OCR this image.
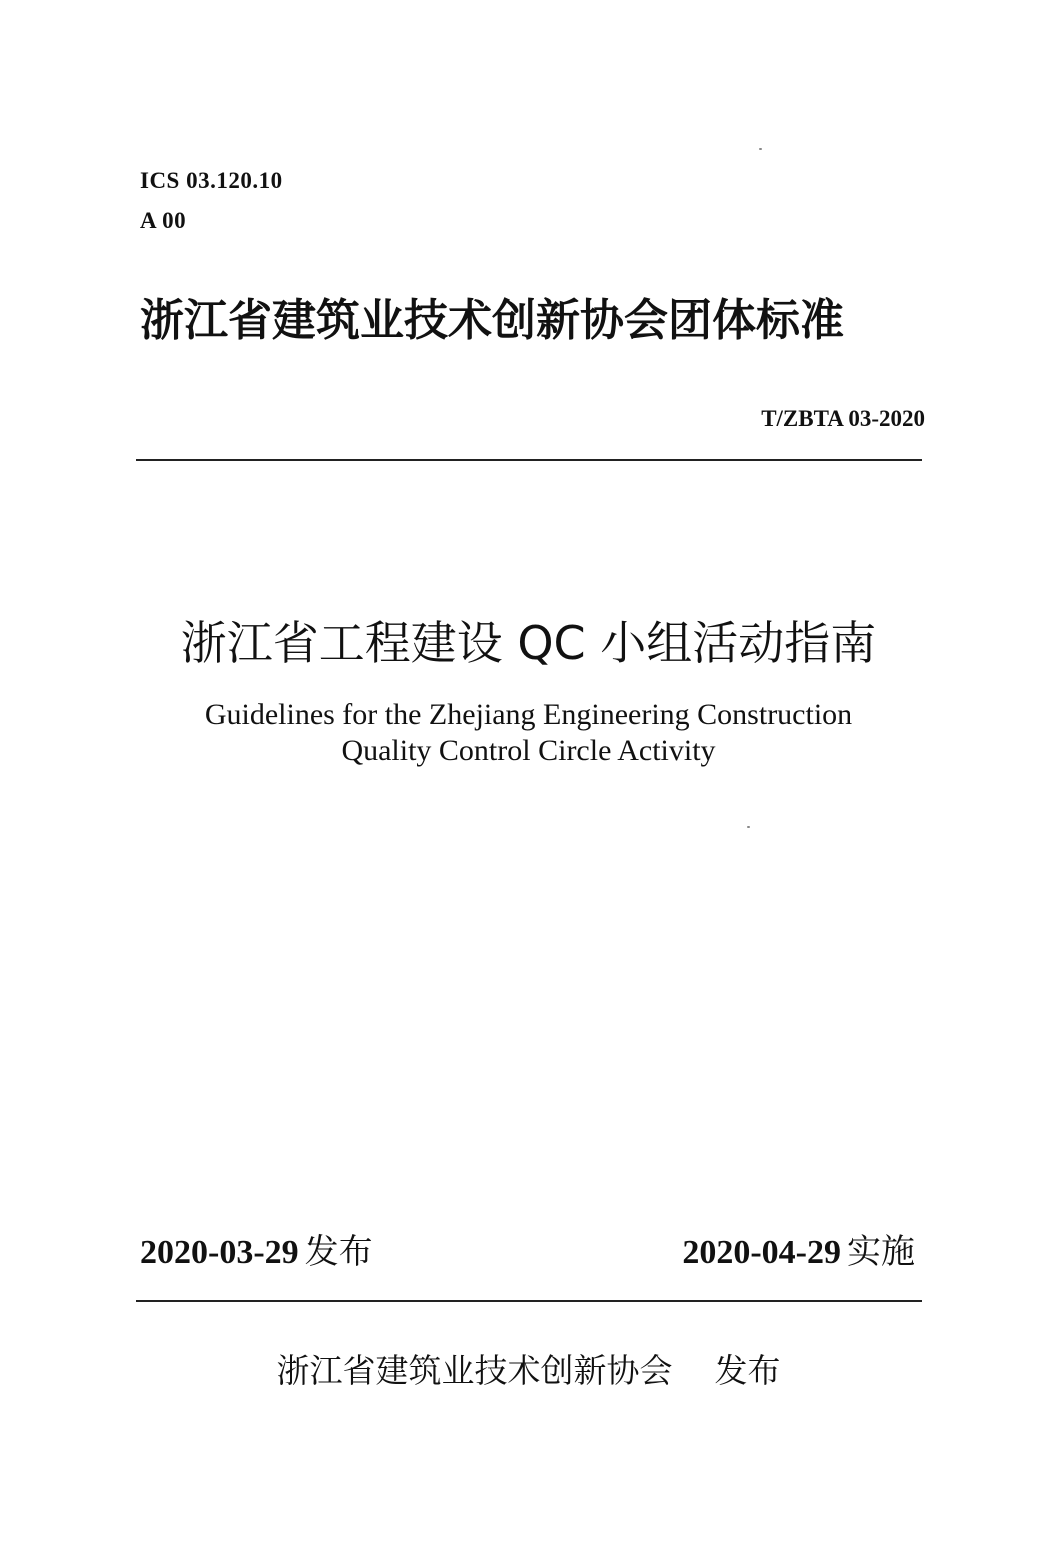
ICS 03.120.10
A 00
浙江省建筑业技术创新协会团体标准
T/ZBTA 03-2020
浙江省工程建设 QC 小组活动指南
Guidelines for the Zhejiang Engineering Construction
Quality Control Circle Activity
2020-03-29 发布	2020-04-29 实施
浙江省建筑业技术创新协会 发布
